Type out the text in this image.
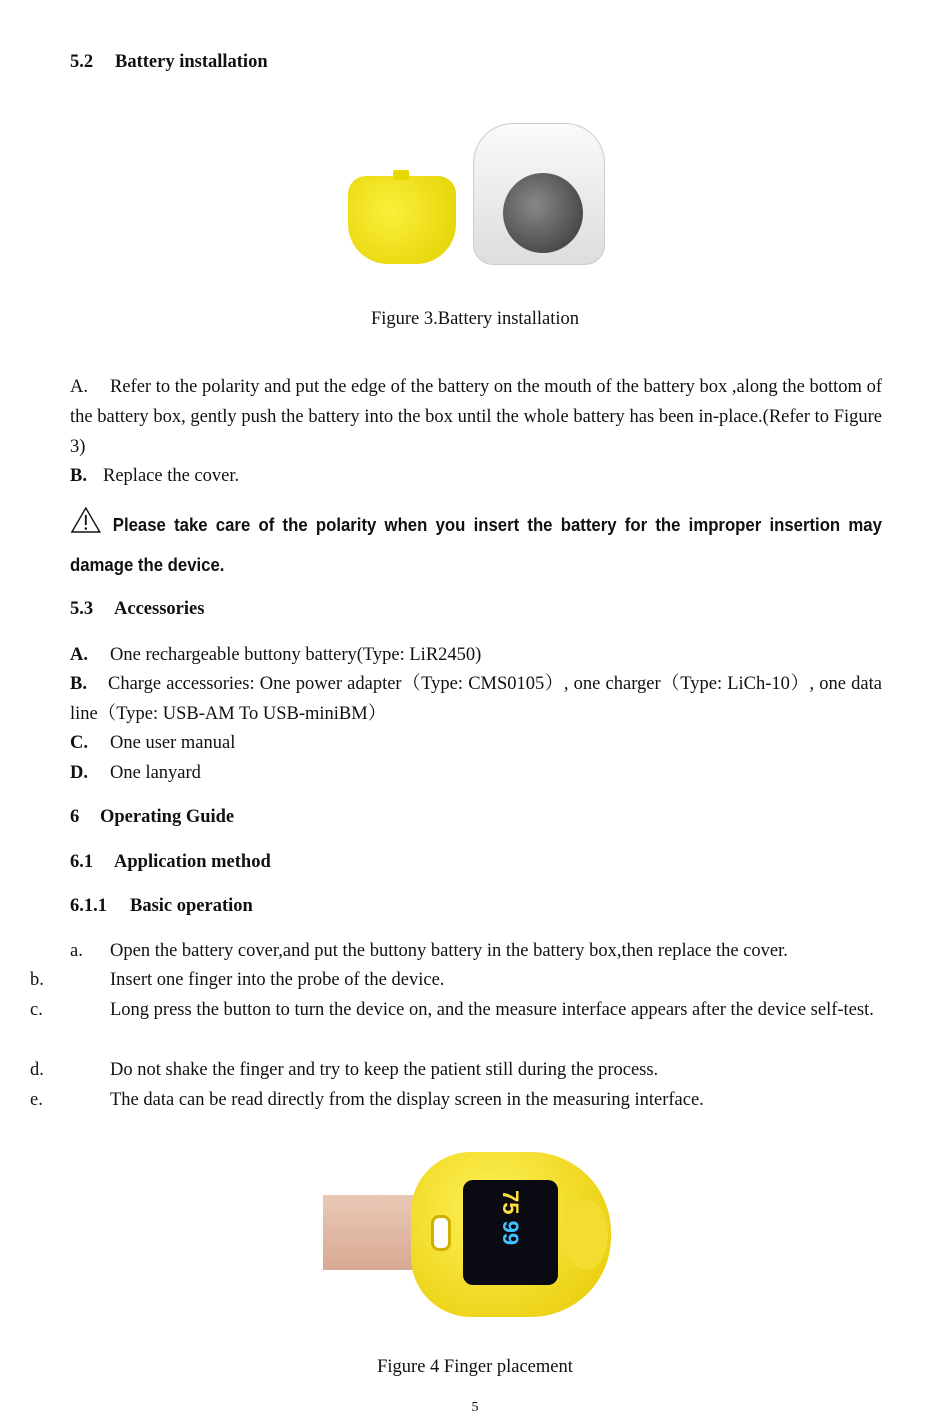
5.2 Battery installation
Figure 3.Battery installation
A. Refer to the polarity and put the edge of the battery on the mouth of the battery box ,along the bottom of the battery box, gently push the battery into the box until the whole battery has been in-place.(Refer to Figure 3)
B. Replace the cover.
Please take care of the polarity when you insert the battery for the improper insertion may damage the device.
5.3 Accessories
A. One rechargeable buttony battery(Type: LiR2450)
B. Charge accessories: One power adapter（Type: CMS0105）, one charger（Type: LiCh-10）, one data line（Type: USB-AM To USB-miniBM）
C. One user manual
D. One lanyard
6 Operating Guide
6.1 Application method
6.1.1 Basic operation
a. Open the battery cover,and put the buttony battery in the battery box,then replace the cover.
b.	Insert one finger into the probe of the device.
c.	Long press the button to turn the device on, and the measure interface appears after the device self-test.
d.	Do not shake the finger and try to keep the patient still during the process.
e.	The data can be read directly from the display screen in the measuring interface.
75 99
Figure 4 Finger placement
5
